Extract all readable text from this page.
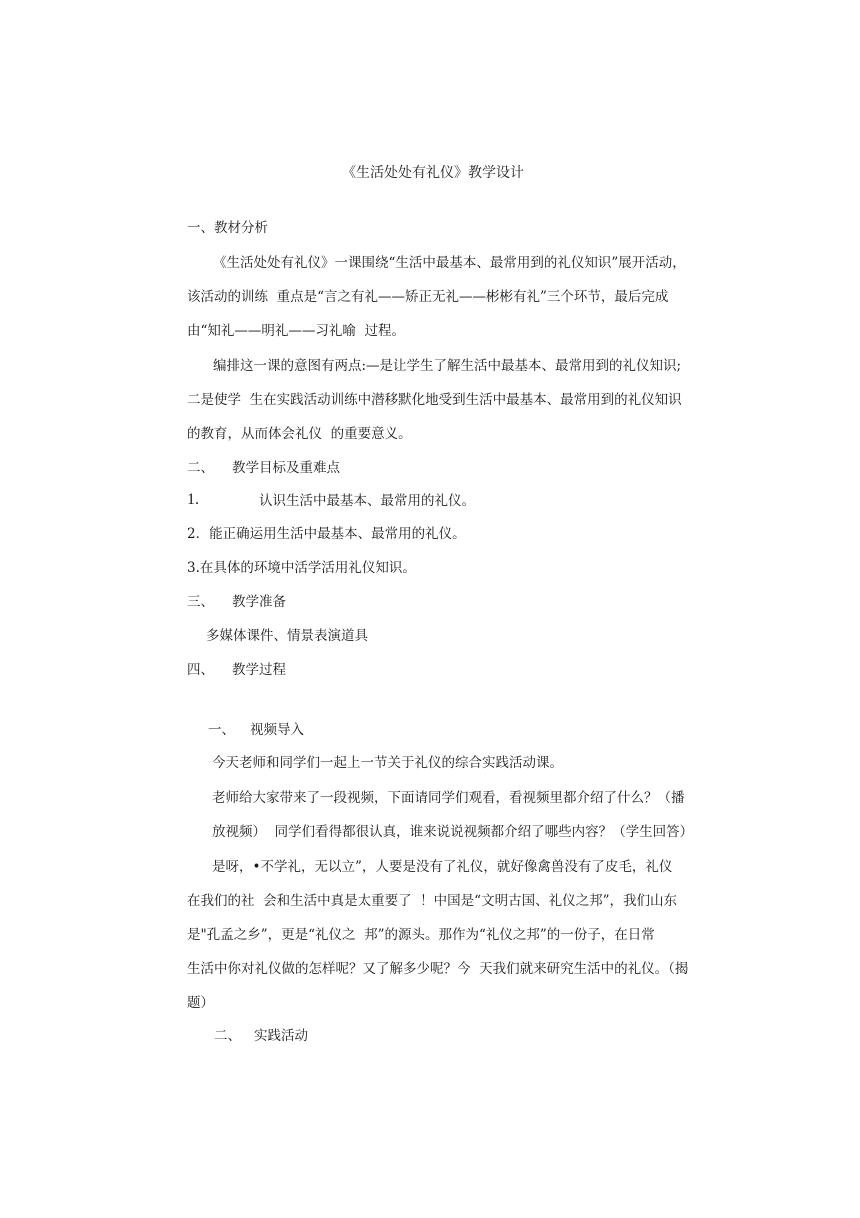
《生活处处有礼仪》教学设计

一、教材分析

《生活处处有礼仪》一课围绕“生活中最基本、最常用到的礼仪知识”展开活动，

该活动的训练  重点是“言之有礼——矫正无礼——彬彬有礼”三个环节，最后完成

由“知礼——明礼——习礼喻  过程。

编排这一课的意图有两点:—是让学生了解生活中最基本、最常用到的礼仪知识;

二是使学  生在实践活动训练中潜移默化地受到生活中最基本、最常用到的礼仪知识

的教育，从而体会礼仪  的重要意义。

二、 教学目标及重难点

1.	认识生活中最基本、最常用的礼仪。

2．能正确运用生活中最基本、最常用的礼仪。

3.在具体的环境中活学活用礼仪知识。

三、 教学准备

多媒体课件、情景表演道具

四、 教学过程

一、 视频导入

今天老师和同学们一起上一节关于礼仪的综合实践活动课。

老师给大家带来了一段视频，下面请同学们观看，看视频里都介绍了什么？（播

放视频）  同学们看得都很认真，谁来说说视频都介绍了哪些内容？（学生回答）

是呀，•不学礼，无以立”，人要是没有了礼仪，就好像禽兽没有了皮毛，礼仪

在我们的社  会和生活中真是太重要了  ！中国是“文明古国、礼仪之邦”，我们山东

是"孔孟之乡”，更是“礼仪之  邦”的源头。那作为“礼仪之邦”的一份子，在日常

生活中你对礼仪做的怎样呢？又了解多少呢？今  天我们就来研究生活中的礼仪。（揭

题）

二、 实践活动
